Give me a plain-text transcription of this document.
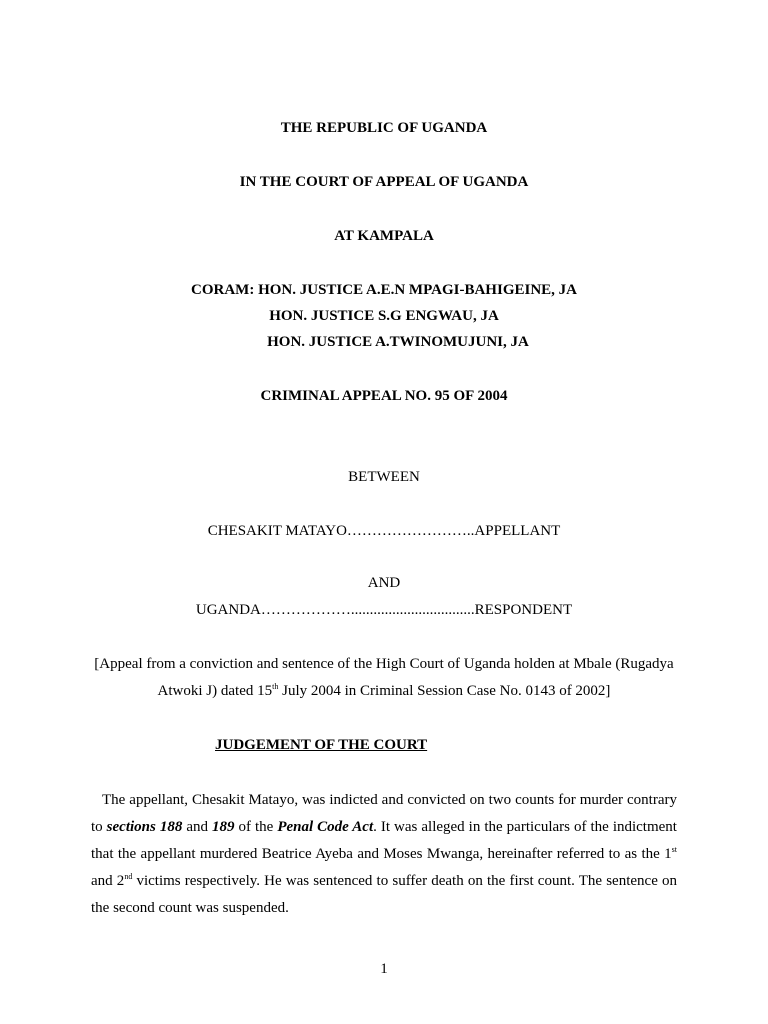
THE REPUBLIC OF UGANDA
IN THE COURT OF APPEAL OF UGANDA
AT KAMPALA
CORAM: HON. JUSTICE A.E.N MPAGI-BAHIGEINE, JA
HON. JUSTICE S.G ENGWAU, JA
HON. JUSTICE A.TWINOMUJUNI, JA
CRIMINAL APPEAL NO. 95 OF 2004
BETWEEN
CHESAKIT MATAYO……………………..APPELLANT
AND
UGANDA……………….................................RESPONDENT
[Appeal from a conviction and sentence of the High Court of Uganda holden at Mbale (Rugadya
Atwoki J) dated 15th July 2004 in Criminal Session Case No. 0143 of 2002]
JUDGEMENT OF THE COURT
The appellant, Chesakit Matayo, was indicted and convicted on two counts for murder contrary to sections 188 and 189 of the Penal Code Act. It was alleged in the particulars of the indictment that the appellant murdered Beatrice Ayeba and Moses Mwanga, hereinafter referred to as the 1st and 2nd victims respectively. He was sentenced to suffer death on the first count. The sentence on the second count was suspended.
1
